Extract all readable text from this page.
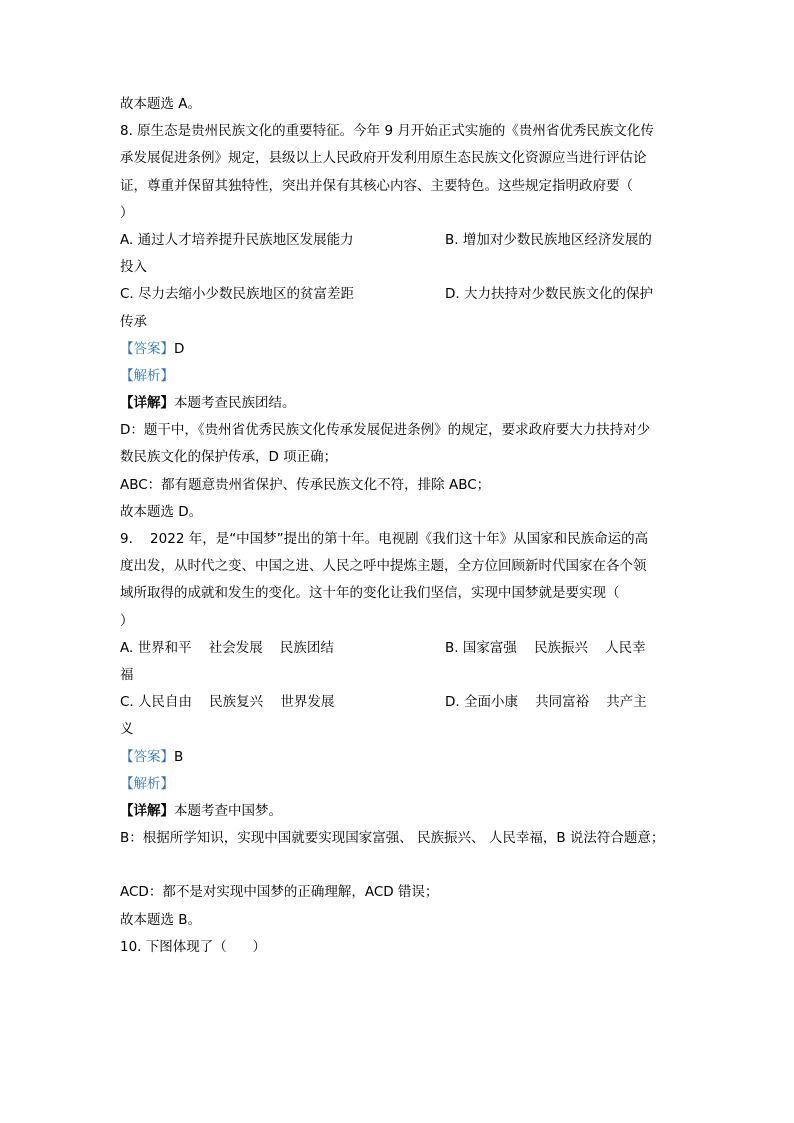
故本题选 A。
8. 原生态是贵州民族文化的重要特征。今年 9 月开始正式实施的《贵州省优秀民族文化传
承发展促进条例》规定，县级以上人民政府开发利用原生态民族文化资源应当进行评估论
证，尊重并保留其独特性，突出并保有其核心内容、主要特色。这些规定指明政府要（
）
A. 通过人才培养提升民族地区发展能力	B. 增加对少数民族地区经济发展的
投入
C. 尽力去缩小少数民族地区的贫富差距	D. 大力扶持对少数民族文化的保护
传承
【答案】D
【解析】
【详解】本题考查民族团结。
D：题干中，《贵州省优秀民族文化传承发展促进条例》的规定，要求政府要大力扶持对少
数民族文化的保护传承，D 项正确；
ABC：都有题意贵州省保护、传承民族文化不符，排除 ABC；
故本题选 D。
9.    2022 年，是“中国梦”提出的第十年。电视剧《我们这十年》从国家和民族命运的高
度出发，从时代之变、中国之进、人民之呼中提炼主题，全方位回顾新时代国家在各个领
域所取得的成就和发生的变化。这十年的变化让我们坚信，实现中国梦就是要实现（
）
A. 世界和平    社会发展    民族团结	B. 国家富强    民族振兴    人民幸
福
C. 人民自由    民族复兴    世界发展	D. 全面小康    共同富裕    共产主
义
【答案】B
【解析】
【详解】本题考查中国梦。
B：根据所学知识，实现中国就要实现国家富强、 民族振兴、 人民幸福，B 说法符合题意；
ACD：都不是对实现中国梦的正确理解，ACD 错误；
故本题选 B。
10. 下图体现了（      ）
